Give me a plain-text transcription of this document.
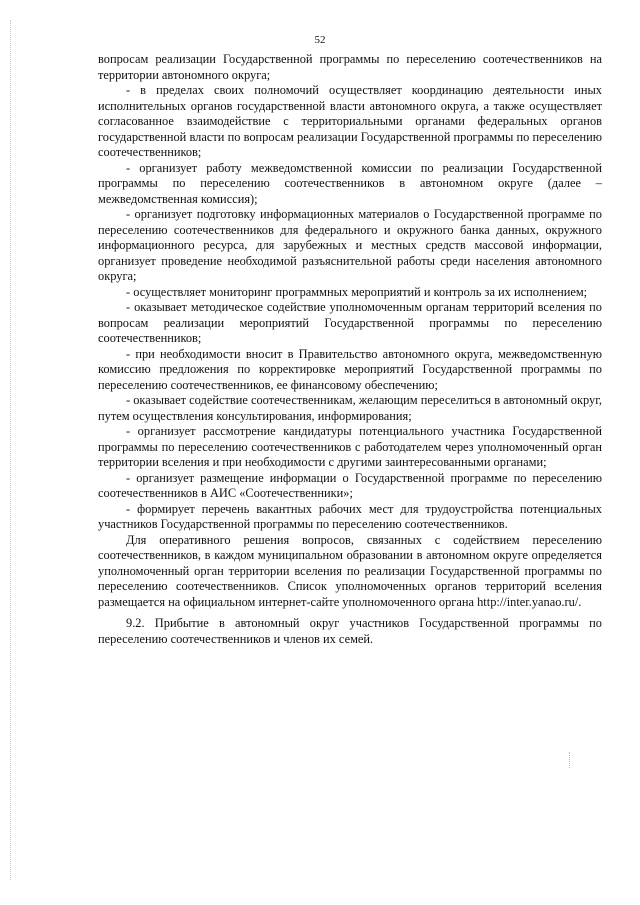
52

вопросам реализации Государственной программы по переселению соотечественников на территории автономного округа;

- в пределах своих полномочий осуществляет координацию деятельности иных исполнительных органов государственной власти автономного округа, а также осуществляет согласованное взаимодействие с территориальными органами федеральных органов государственной власти по вопросам реализации Государственной программы по переселению соотечественников;

- организует работу межведомственной комиссии по реализации Государственной программы по переселению соотечественников в автономном округе (далее – межведомственная комиссия);

- организует подготовку информационных материалов о Государственной программе по переселению соотечественников для федерального и окружного банка данных, окружного информационного ресурса, для зарубежных и местных средств массовой информации, организует проведение необходимой разъяснительной работы среди населения автономного округа;

- осуществляет мониторинг программных мероприятий и контроль за их исполнением;

- оказывает методическое содействие уполномоченным органам территорий вселения по вопросам реализации мероприятий Государственной программы по переселению соотечественников;

- при необходимости вносит в Правительство автономного округа, межведомственную комиссию предложения по корректировке мероприятий Государственной программы по переселению соотечественников, ее финансовому обеспечению;

- оказывает содействие соотечественникам, желающим переселиться в автономный округ, путем осуществления консультирования, информирования;

- организует рассмотрение кандидатуры потенциального участника Государственной программы по переселению соотечественников с работодателем через уполномоченный орган территории вселения и при необходимости с другими заинтересованными органами;

- организует размещение информации о Государственной программе по переселению соотечественников в АИС «Соотечественники»;

- формирует перечень вакантных рабочих мест для трудоустройства потенциальных участников Государственной программы по переселению соотечественников.

Для оперативного решения вопросов, связанных с содействием переселению соотечественников, в каждом муниципальном образовании в автономном округе определяется уполномоченный орган территории вселения по реализации Государственной программы по переселению соотечественников. Список уполномоченных органов территорий вселения размещается на официальном интернет-сайте уполномоченного органа http://inter.yanao.ru/.

9.2. Прибытие в автономный округ участников Государственной программы по переселению соотечественников и членов их семей.
